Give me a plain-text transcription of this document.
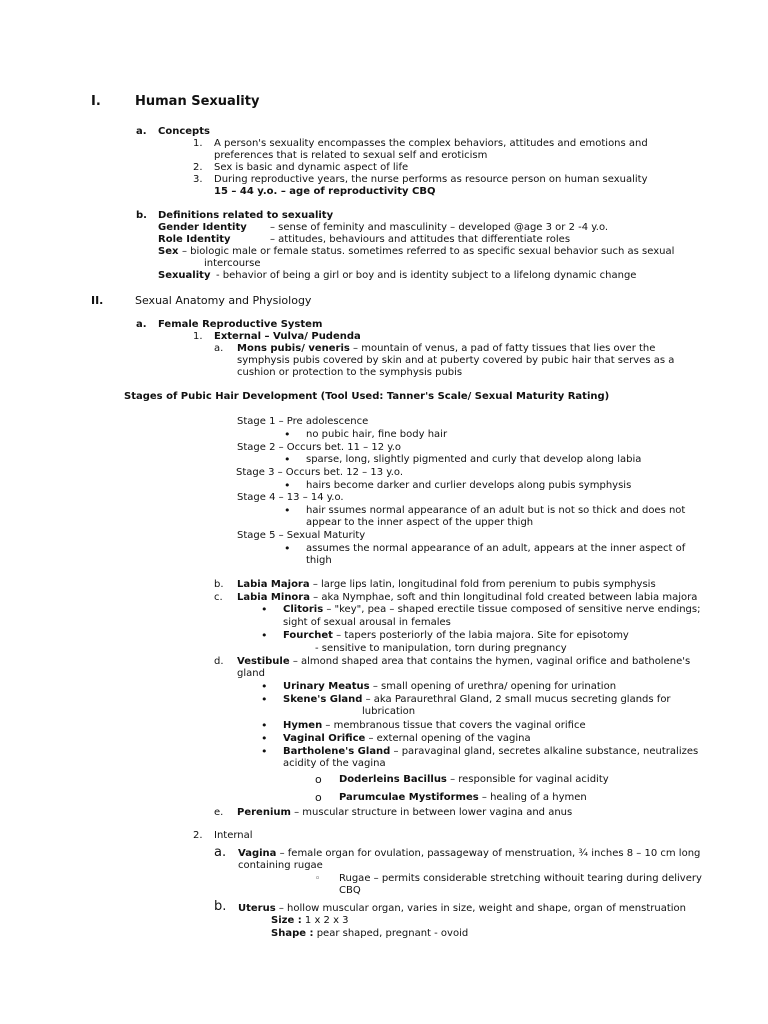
I.	Human Sexuality
a. Concepts
1. A person's sexuality encompasses the complex behaviors, attitudes and emotions and
preferences that is related to sexual self and eroticism
2. Sex is basic and dynamic aspect of life
3. During reproductive years, the nurse performs as resource person on human sexuality
15 – 44 y.o. – age of reproductivity CBQ
b. Definitions related to sexuality
Gender Identity – sense of feminity and masculinity – developed @age 3 or 2 -4 y.o.
Role Identity	– attitudes, behaviours and attitudes that differentiate roles
Sex – biologic male or female status. sometimes referred to as specific sexual behavior such as sexual
intercourse
Sexuality - behavior of being a girl or boy and is identity subject to a lifelong dynamic change
II.	Sexual Anatomy and Physiology
a. Female Reproductive System
1. External – Vulva/ Pudenda
a. Mons pubis/ veneris – mountain of venus, a pad of fatty tissues that lies over the
symphysis pubis covered by skin and at puberty covered by pubic hair that serves as a
cushion or protection to the symphysis pubis
Stages of Pubic Hair Development (Tool Used: Tanner's Scale/ Sexual Maturity Rating)
Stage 1 – Pre adolescence
• no pubic hair, fine body hair
Stage 2 – Occurs bet. 11 – 12 y.o
• sparse, long, slightly pigmented and curly that develop along labia
Stage 3 – Occurs bet. 12 – 13 y.o.
• hairs become darker and curlier develops along pubis symphysis
Stage 4 – 13 – 14 y.o.
• hair ssumes normal appearance of an adult but is not so thick and does not
appear to the inner aspect of the upper thigh
Stage 5 – Sexual Maturity
• assumes the normal appearance of an adult, appears at the inner aspect of
thigh
b. Labia Majora – large lips latin, longitudinal fold from perenium to pubis symphysis
c. Labia Minora – aka Nymphae, soft and thin longitudinal fold created between labia majora
• Clitoris – "key", pea – shaped erectile tissue composed of sensitive nerve endings;
sight of sexual arousal in females
• Fourchet – tapers posteriorly of the labia majora. Site for episotomy
- sensitive to manipulation, torn during pregnancy
d. Vestibule – almond shaped area that contains the hymen, vaginal orifice and batholene's
gland
• Urinary Meatus – small opening of urethra/ opening for urination
• Skene's Gland – aka Paraurethral Gland, 2 small mucus secreting glands for
lubrication
• Hymen – membranous tissue that covers the vaginal orifice
• Vaginal Orifice – external opening of the vagina
• Bartholene's Gland – paravaginal gland, secretes alkaline substance, neutralizes
acidity of the vagina
o Doderleins Bacillus – responsible for vaginal acidity
o Parumculae Mystiformes – healing of a hymen
e. Perenium – muscular structure in between lower vagina and anus
2. Internal
a. Vagina – female organ for ovulation, passageway of menstruation, ¾ inches 8 – 10 cm long
containing rugae
◦ Rugae – permits considerable stretching withouit tearing during delivery
CBQ
b. Uterus – hollow muscular organ, varies in size, weight and shape, organ of menstruation
Size : 1 x 2 x 3
Shape : pear shaped, pregnant - ovoid
